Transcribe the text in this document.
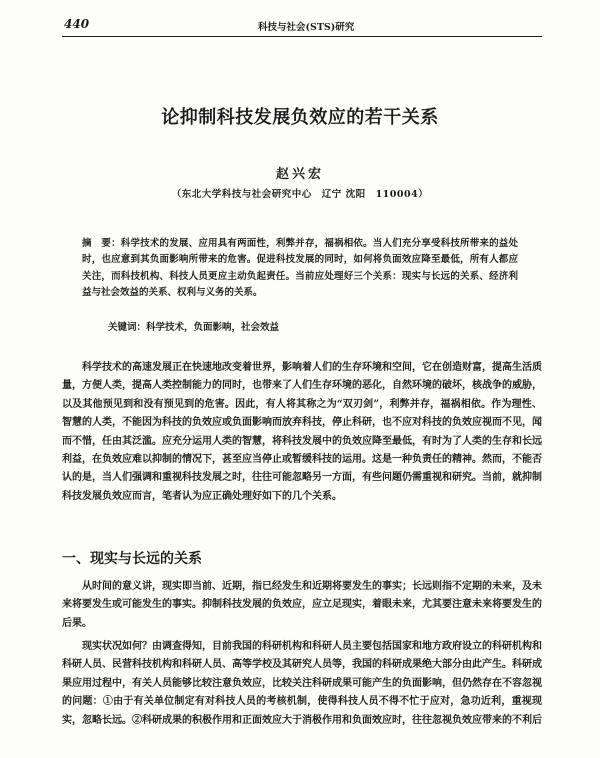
440	科技与社会(STS)研究
论抑制科技发展负效应的若干关系
赵兴宏
（东北大学科技与社会研究中心　辽宁 沈阳　110004）
摘　要：科学技术的发展、应用具有两面性，利弊并存，福祸相依。当人们充分享受科技所带来的益处时，也应意到其负面影响所带来的危害。促进科技发展的同时，如何将负面效应降至最低，所有人都应关注，而科技机构、科技人员更应主动负起责任。当前应处理好三个关系：现实与长远的关系、经济利益与社会效益的关系、权利与义务的关系。
关键词：科学技术，负面影响，社会效益
科学技术的高速发展正在快速地改变着世界，影响着人们的生存环境和空间，它在创造财富，提高生活质量，方便人类，提高人类控制能力的同时，也带来了人们生存环境的恶化，自然环境的破坏，核战争的威胁，以及其他预见到和没有预见到的危害。因此，有人将其称之为“双刃剑”，利弊并存，福祸相依。作为理性、智慧的人类，不能因为科技的负效应或负面影响而放弃科技，停止科研，也不应对科技的负效应视而不见，闻而不惜，任由其泛滥。应充分运用人类的智慧，将科技发展中的负效应降至最低，有时为了人类的生存和长远利益，在负效应难以抑制的情况下，甚至应当停止或暂缓科技的运用。这是一种负责任的精神。然而，不能否认的是，当人们强调和重视科技发展之时，往往可能忽略另一方面，有些问题仍需重视和研究。当前，就抑制科技发展负效应而言，笔者认为应正确处理好如下的几个关系。
一、现实与长远的关系
从时间的意义讲，现实即当前、近期，指已经发生和近期将要发生的事实；长远则指不定期的未来，及未来将要发生或可能发生的事实。抑制科技发展的负效应，应立足现实，着眼未来，尤其要注意未来将要发生的后果。
现实状况如何？由调查得知，目前我国的科研机构和科研人员主要包括国家和地方政府设立的科研机构和科研人员、民营科技机构和科研人员、高等学校及其研究人员等，我国的科研成果绝大部分由此产生。科研成果应用过程中，有关人员能够比较注意负效应，比较关注科研成果可能产生的负面影响，但仍然存在不容忽视的问题：①由于有关单位制定有对科技人员的考核机制，使得科技人员不得不忙于应对，急功近利，重视现实，忽略长远。②科研成果的积极作用和正面效应大于消极作用和负面效应时，往往忽视负效应带来的不利后
